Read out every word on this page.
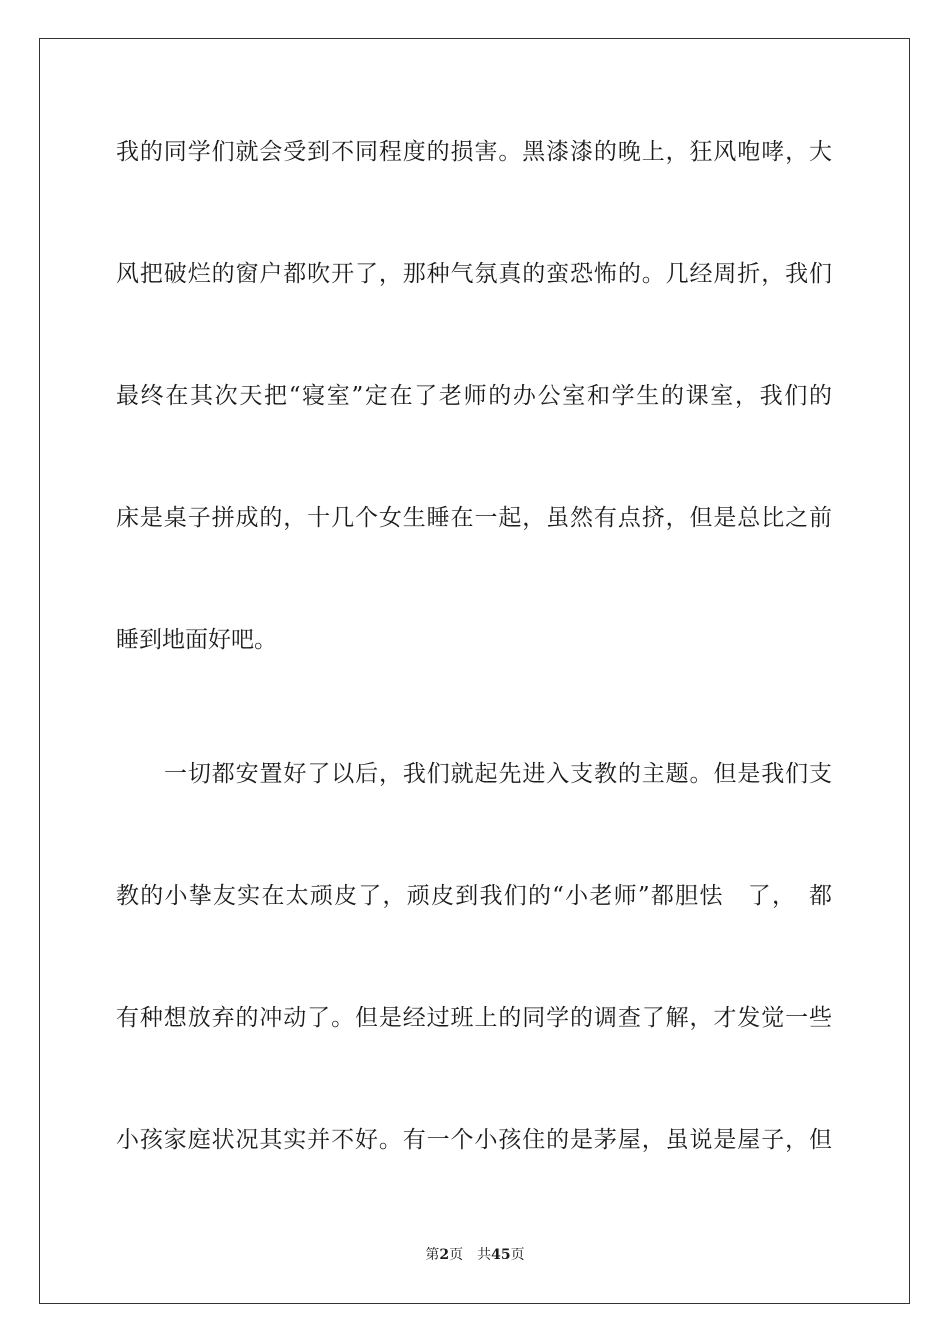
我的同学们就会受到不同程度的损害。黑漆漆的晚上，狂风咆哮，大
风把破烂的窗户都吹开了，那种气氛真的蛮恐怖的。几经周折，我们
最终在其次天把“寝室”定在了老师的办公室和学生的课室，我们的
床是桌子拼成的，十几个女生睡在一起，虽然有点挤，但是总比之前
睡到地面好吧。
一切都安置好了以后，我们就起先进入支教的主题。但是我们支
教的小挚友实在太顽皮了，顽皮到我们的“小老师”都胆怯　了，　都
有种想放弃的冲动了。但是经过班上的同学的调查了解，才发觉一些
小孩家庭状况其实并不好。有一个小孩住的是茅屋，虽说是屋子，但
第2页 共45页
